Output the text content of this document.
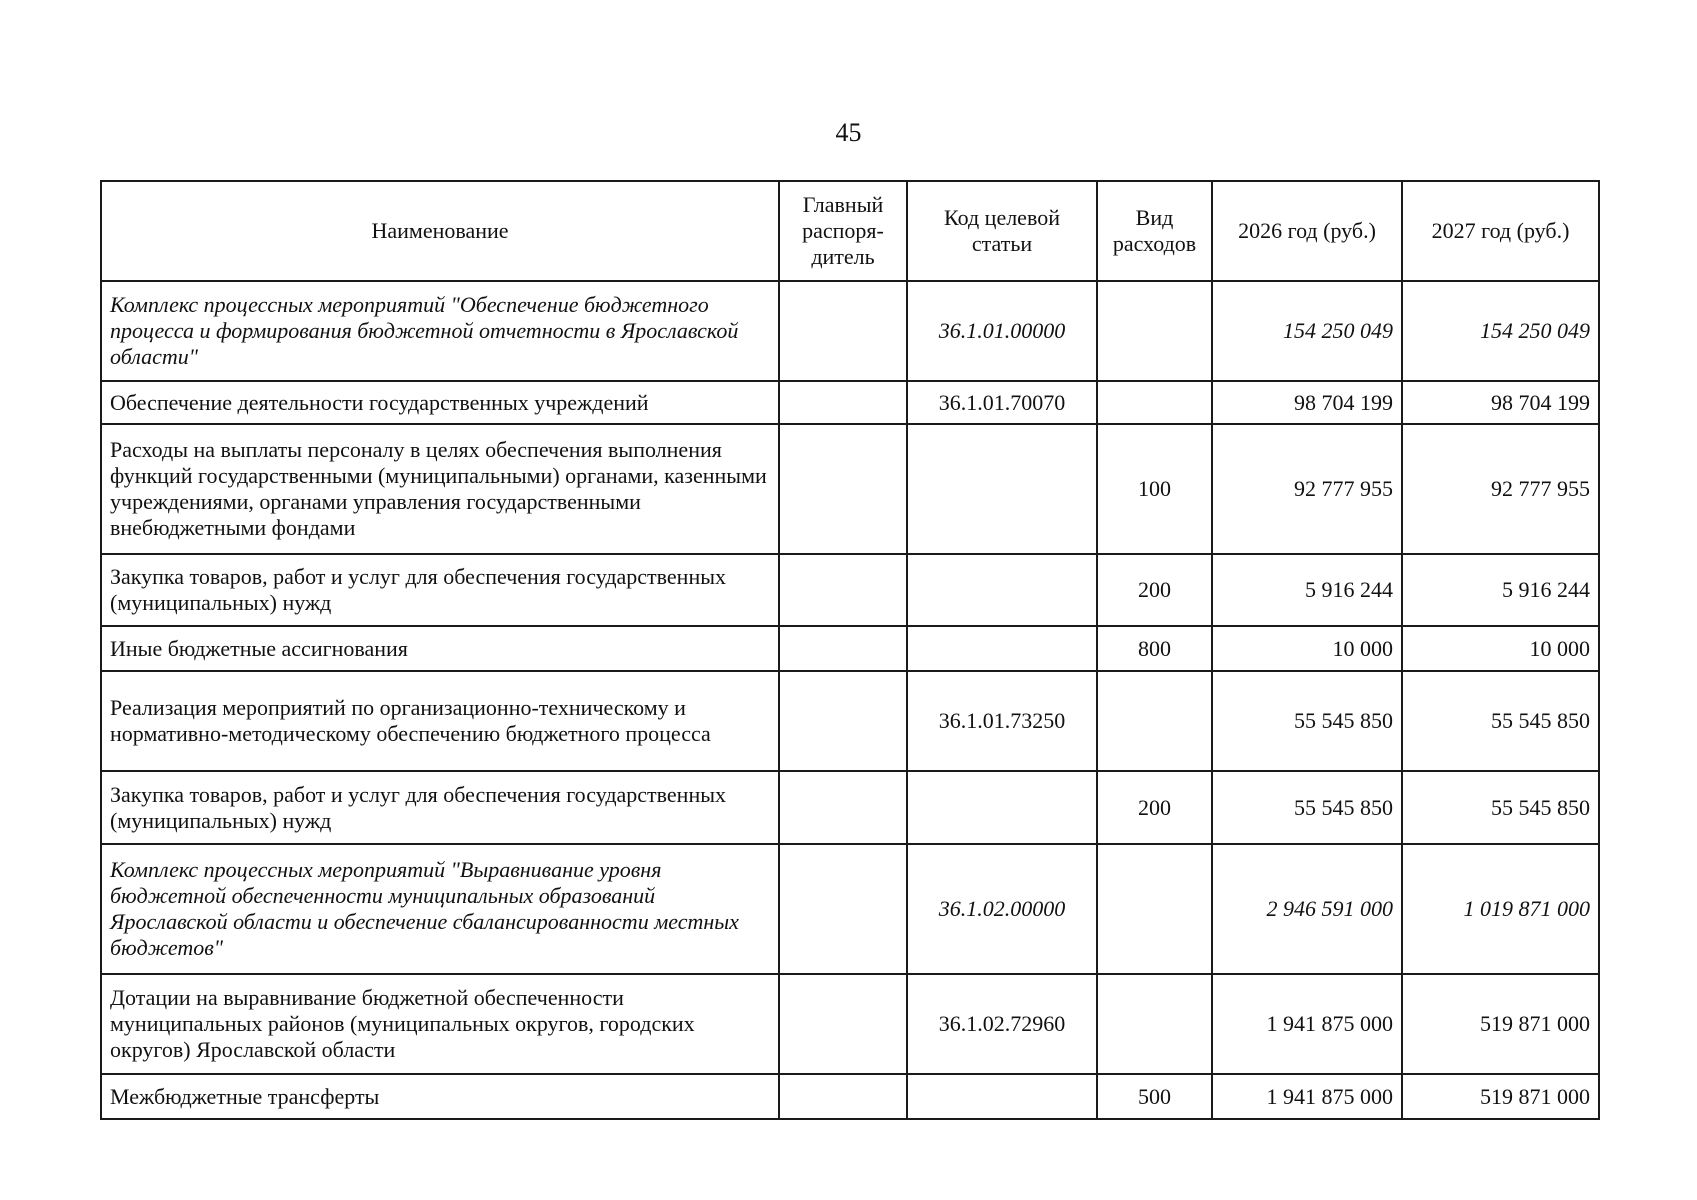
45
Наименование	Главный распоря-дитель	Код целевой статьи	Вид расходов	2026 год (руб.)	2027 год (руб.)
Комплекс процессных мероприятий "Обеспечение бюджетного процесса и формирования бюджетной отчетности в Ярославской области"		36.1.01.00000		154 250 049	154 250 049
Обеспечение деятельности государственных учреждений		36.1.01.70070		98 704 199	98 704 199
Расходы на выплаты персоналу в целях обеспечения выполнения функций государственными (муниципальными) органами, казенными учреждениями, органами управления государственными внебюджетными фондами			100	92 777 955	92 777 955
Закупка товаров, работ и услуг для обеспечения государственных (муниципальных) нужд			200	5 916 244	5 916 244
Иные бюджетные ассигнования			800	10 000	10 000
Реализация мероприятий по организационно-техническому и нормативно-методическому обеспечению бюджетного процесса		36.1.01.73250		55 545 850	55 545 850
Закупка товаров, работ и услуг для обеспечения государственных (муниципальных) нужд			200	55 545 850	55 545 850
Комплекс процессных мероприятий "Выравнивание уровня бюджетной обеспеченности муниципальных образований Ярославской области и обеспечение сбалансированности местных бюджетов"		36.1.02.00000		2 946 591 000	1 019 871 000
Дотации на выравнивание бюджетной обеспеченности муниципальных районов (муниципальных округов, городских округов) Ярославской области		36.1.02.72960		1 941 875 000	519 871 000
Межбюджетные трансферты			500	1 941 875 000	519 871 000
